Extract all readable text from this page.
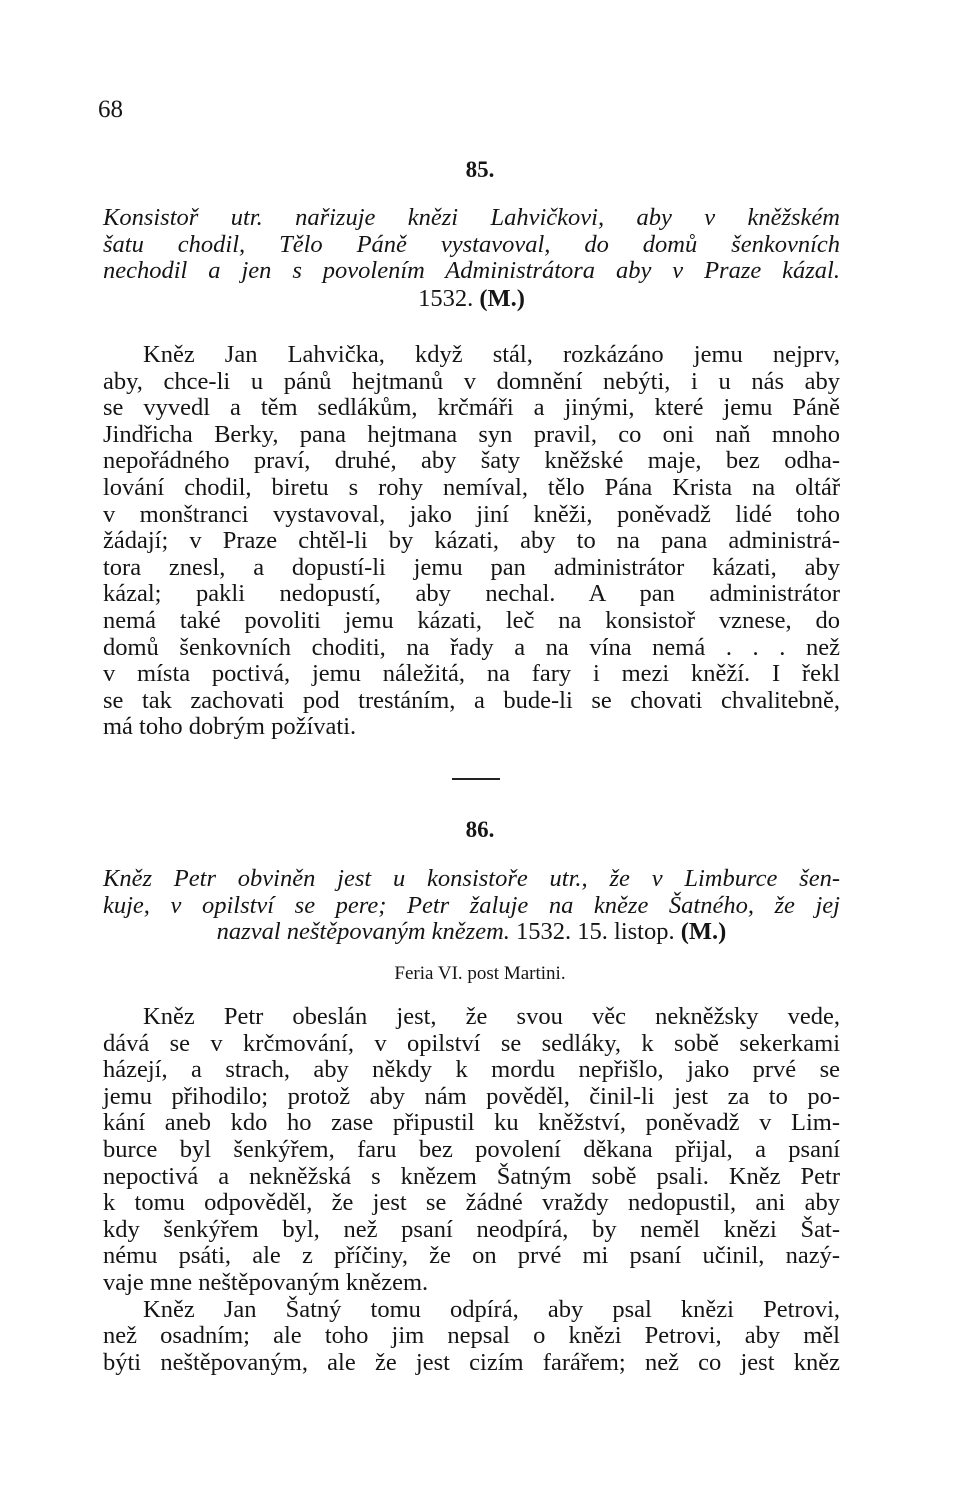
68
85.
Konsistoř utr. nařizuje knězi Lahvičkovi, aby v kněžském
šatu chodil, Tělo Páně vystavoval, do domů šenkovních
nechodil a jen s povolením Administrátora aby v Praze kázal.
1532. (M.)
Kněz Jan Lahvička, když stál, rozkázáno jemu nejprv,
aby, chce-li u pánů hejtmanů v domnění nebýti, i u nás aby
se vyvedl a těm sedlákům, krčmáři a jinými, které jemu Páně
Jindřicha Berky, pana hejtmana syn pravil, co oni naň mnoho
nepořádného praví, druhé, aby šaty kněžské maje, bez odha-
lování chodil, biretu s rohy nemíval, tělo Pána Krista na oltář
v monštranci vystavoval, jako jiní kněži, poněvadž lidé toho
žádají; v Praze chtěl-li by kázati, aby to na pana administrá-
tora znesl, a dopustí-li jemu pan administrátor kázati, aby
kázal; pakli nedopustí, aby nechal. A pan administrátor
nemá také povoliti jemu kázati, leč na konsistoř vznese, do
domů šenkovních choditi, na řady a na vína nemá . . . než
v místa poctivá, jemu náležitá, na fary i mezi kněží. I řekl
se tak zachovati pod trestáním, a bude-li se chovati chvalitebně,
má toho dobrým požívati.
86.
Kněz Petr obviněn jest u konsistoře utr., že v Limburce šen-
kuje, v opilství se pere; Petr žaluje na kněze Šatného, že jej
nazval neštěpovaným knězem. 1532. 15. listop. (M.)
Feria VI. post Martini.
Kněz Petr obeslán jest, že svou věc nekněžsky vede,
dává se v krčmování, v opilství se sedláky, k sobě sekerkami
házejí, a strach, aby někdy k mordu nepřišlo, jako prvé se
jemu přihodilo; protož aby nám pověděl, činil-li jest za to po-
kání aneb kdo ho zase připustil ku kněžství, poněvadž v Lim-
burce byl šenkýřem, faru bez povolení děkana přijal, a psaní
nepoctivá a nekněžská s knězem Šatným sobě psali. Kněz Petr
k tomu odpověděl, že jest se žádné vraždy nedopustil, ani aby
kdy šenkýřem byl, než psaní neodpírá, by neměl knězi Šat-
nému psáti, ale z příčiny, že on prvé mi psaní učinil, nazý-
vaje mne neštěpovaným knězem.
Kněz Jan Šatný tomu odpírá, aby psal knězi Petrovi,
než osadním; ale toho jim nepsal o knězi Petrovi, aby měl
býti neštěpovaným, ale že jest cizím farářem; než co jest kněz
